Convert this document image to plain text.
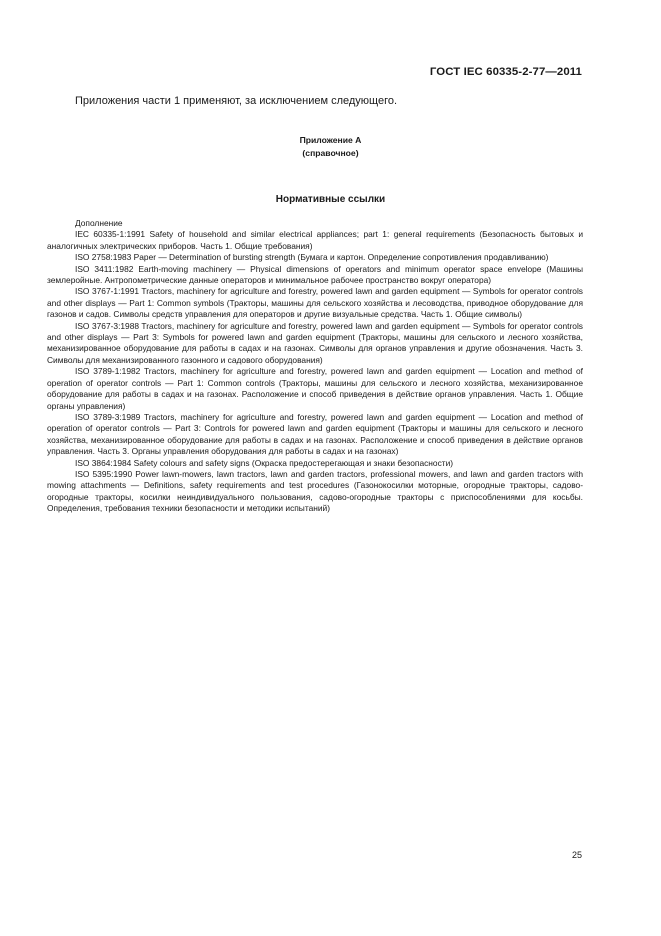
ГОСТ IEC 60335-2-77—2011
Приложения части 1 применяют, за исключением следующего.
Приложение А
(справочное)
Нормативные ссылки

Дополнение

IEC 60335-1:1991 Safety of household and similar electrical appliances; part 1: general requirements (Безопасность бытовых и аналогичных электрических приборов. Часть 1. Общие требования)

ISO 2758:1983 Paper — Determination of bursting strength (Бумага и картон. Определение сопротивления продавливанию)

ISO 3411:1982 Earth-moving machinery — Physical dimensions of operators and minimum operator space envelope (Машины землеройные. Антропометрические данные операторов и минимальное рабочее пространство вокруг оператора)

ISO 3767-1:1991 Tractors, machinery for agriculture and forestry, powered lawn and garden equipment — Symbols for operator controls and other displays — Part 1: Common symbols (Тракторы, машины для сельского хозяйства и лесоводства, приводное оборудование для газонов и садов. Символы средств управления для операторов и другие визуальные средства. Часть 1. Общие символы)

ISO 3767-3:1988 Tractors, machinery for agriculture and forestry, powered lawn and garden equipment — Symbols for operator controls and other displays — Part 3: Symbols for powered lawn and garden equipment (Тракторы, машины для сельского и лесного хозяйства, механизированное оборудование для работы в садах и на газонах. Символы для органов управления и другие обозначения. Часть 3. Символы для механизированного газонного и садового оборудования)

ISO 3789-1:1982 Tractors, machinery for agriculture and forestry, powered lawn and garden equipment — Location and method of operation of operator controls — Part 1: Common controls (Тракторы, машины для сельского и лесного хозяйства, механизированное оборудование для работы в садах и на газонах. Расположение и способ приведения в действие органов управления. Часть 1. Общие органы управления)

ISO 3789-3:1989 Tractors, machinery for agriculture and forestry, powered lawn and garden equipment — Location and method of operation of operator controls — Part 3: Controls for powered lawn and garden equipment (Тракторы и машины для сельского и лесного хозяйства, механизированное оборудование для работы в садах и на газонах. Расположение и способ приведения в действие органов управления. Часть 3. Органы управления оборудования для работы в садах и на газонах)

ISO 3864:1984 Safety colours and safety signs (Окраска предостерегающая и знаки безопасности)

ISO 5395:1990 Power lawn-mowers, lawn tractors, lawn and garden tractors, professional mowers, and lawn and garden tractors with mowing attachments — Definitions, safety requirements and test procedures (Газонокосилки моторные, огородные тракторы, садово-огородные тракторы, косилки неиндивидуального пользования, садово-огородные тракторы с приспособлениями для косьбы. Определения, требования техники безопасности и методики испытаний)

25
